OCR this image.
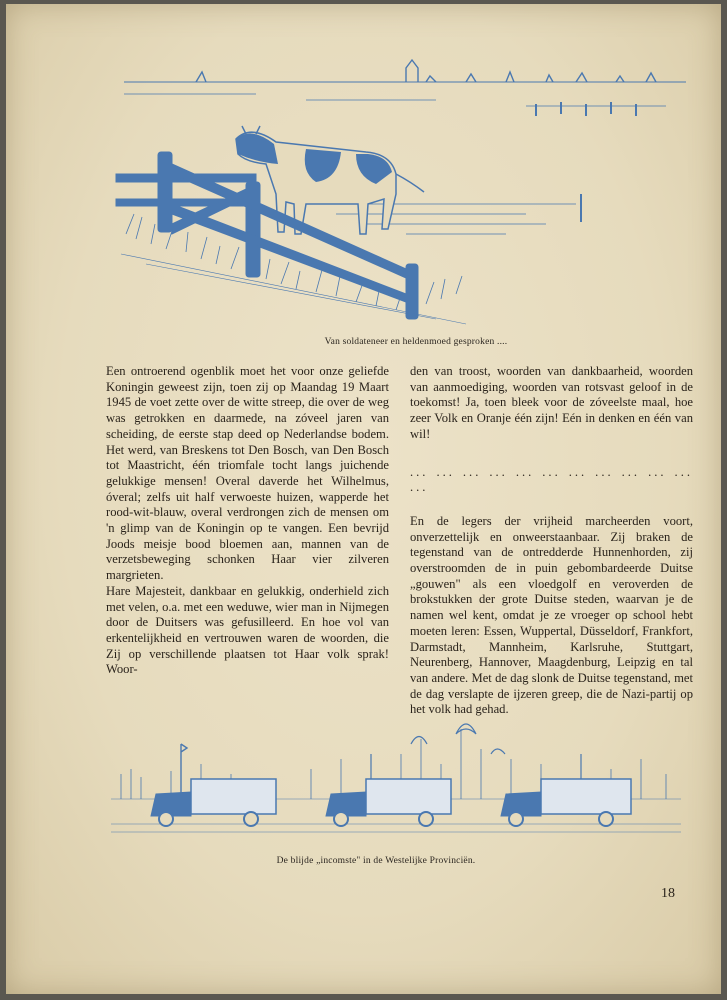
Van soldateneer en heldenmoed gesproken ....

Een ontroerend ogenblik moet het voor onze geliefde Koningin geweest zijn, toen zij op Maandag 19 Maart 1945 de voet zette over de witte streep, die over de weg was getrokken en daarmede, na zóveel jaren van scheiding, de eerste stap deed op Nederlandse bodem. Het werd, van Breskens tot Den Bosch, van Den Bosch tot Maastricht, één triomfale tocht langs juichende gelukkige mensen! Overal daverde het Wilhelmus, óveral; zelfs uit half verwoeste huizen, wapperde het rood-wit-blauw, overal verdrongen zich de mensen om 'n glimp van de Koningin op te vangen. Een bevrijd Joods meisje bood bloemen aan, mannen van de verzetsbeweging schonken Haar vier zilveren margrieten.

Hare Majesteit, dankbaar en gelukkig, onderhield zich met velen, o.a. met een weduwe, wier man in Nijmegen door de Duitsers was gefusilleerd. En hoe vol van erkentelijkheid en vertrouwen waren de woorden, die Zij op verschillende plaatsen tot Haar volk sprak! Woor-

den van troost, woorden van dankbaarheid, woorden van aanmoediging, woorden van rotsvast geloof in de toekomst! Ja, toen bleek voor de zóveelste maal, hoe zeer Volk en Oranje één zijn! Eén in denken en één van wil!

... ... ... ... ... ... ... ... ... ... ... ...

En de legers der vrijheid marcheerden voort, onverzettelijk en onweerstaanbaar. Zij braken de tegenstand van de ontredderde Hunnenhorden, zij overstroomden de in puin gebombardeerde Duitse „gouwen" als een vloedgolf en veroverden de brokstukken der grote Duitse steden, waarvan je de namen wel kent, omdat je ze vroeger op school hebt moeten leren: Essen, Wuppertal, Düsseldorf, Frankfort, Darmstadt, Mannheim, Karlsruhe, Stuttgart, Neurenberg, Hannover, Maagdenburg, Leipzig en tal van andere. Met de dag slonk de Duitse tegenstand, met de dag verslapte de ijzeren greep, die de Nazi-partij op het volk had gehad.

De blijde „incomste" in de Westelijke Provinciën.
18
